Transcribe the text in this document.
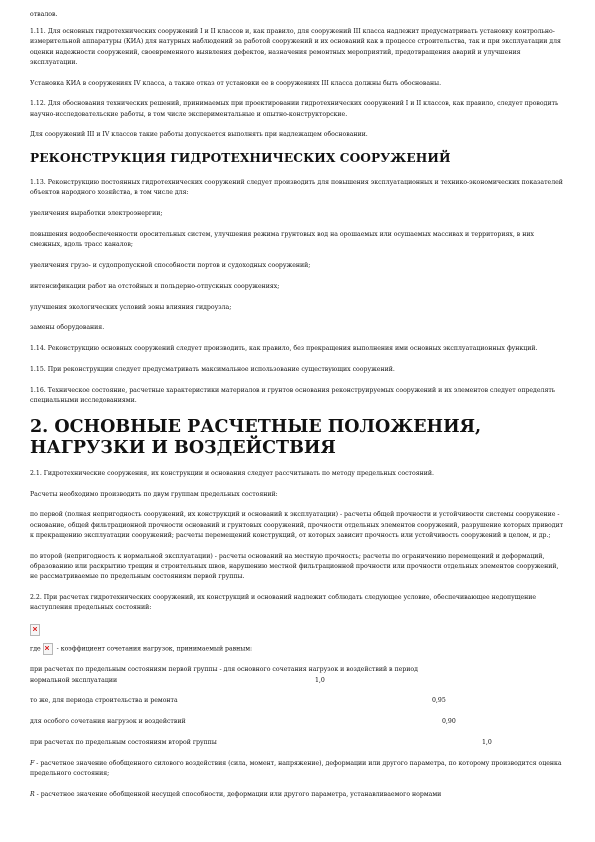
отвалов.

1.11. Для основных гидротехнических сооружений I и II классов и, как правило, для сооружений III класса надлежит предусматривать установку контрольно-измерительной аппаратуры (КИА) для натурных наблюдений за работой сооружений и их оснований как в процессе строительства, так и при эксплуатации для оценки надежности сооружений, своевременного выявления дефектов, назначения ремонтных мероприятий, предотвращения аварий и улучшения эксплуатации.

Установка КИА в сооружениях IV класса, а также отказ от установки ее в сооружениях III класса должны быть обоснованы.

1.12. Для обоснования технических решений, принимаемых при проектировании гидротехнических сооружений I и II классов, как правило, следует проводить научно-исследовательские работы, в том числе экспериментальные и опытно-конструкторские.

Для сооружений III и IV классов такие работы допускается выполнять при надлежащем обосновании.

РЕКОНСТРУКЦИЯ ГИДРОТЕХНИЧЕСКИХ СООРУЖЕНИЙ

1.13. Реконструкцию постоянных гидротехнических сооружений следует производить для повышения эксплуатационных и технико-экономических показателей объектов народного хозяйства, в том числе для:

увеличения выработки электроэнергии;

повышения водообеспеченности оросительных систем, улучшения режима грунтовых вод на орошаемых или осушаемых массивах и территориях, в них смежных, вдоль трасс каналов;

увеличения грузо- и судопропускной способности портов и судоходных сооружений;

интенсификации работ на отстойных и польдерно-отпускных сооружениях;

улучшения экологических условий зоны влияния гидроузла;

замены оборудования.

1.14. Реконструкцию основных сооружений следует производить, как правило, без прекращения выполнения ими основных эксплуатационных функций.

1.15. При реконструкции следует предусматривать максимальное использование существующих сооружений.

1.16. Техническое состояние, расчетные характеристики материалов и грунтов основания реконструируемых сооружений и их элементов следует определять специальными исследованиями.

2. ОСНОВНЫЕ РАСЧЕТНЫЕ ПОЛОЖЕНИЯ, НАГРУЗКИ И ВОЗДЕЙСТВИЯ

2.1. Гидротехнические сооружения, их конструкции и основания следует рассчитывать по методу предельных состояний.

Расчеты необходимо производить по двум группам предельных состояний:

по первой (полная непригодность сооружений, их конструкций и оснований к эксплуатации) - расчеты общей прочности и устойчивости системы сооружение - основание, общей фильтрационной прочности оснований и грунтовых сооружений, прочности отдельных элементов сооружений, разрушение которых приводит к прекращению эксплуатации сооружений; расчеты перемещений конструкций, от которых зависит прочность или устойчивость сооружений в целом, и др.;

по второй (непригодность к нормальной эксплуатации) - расчеты оснований на местную прочность; расчеты по ограничению перемещений и деформаций, образованию или раскрытию трещин и строительных швов, нарушению местной фильтрационной прочности или прочности отдельных элементов сооружений, не рассматриваемые по предельным состояниям первой группы.

2.2. При расчетах гидротехнических сооружений, их конструкций и оснований надлежит соблюдать следующее условие, обеспечивающее недопущение наступления предельных состояний:

где	- коэффициент сочетания нагрузок, принимаемый равным:

при расчетах по предельным состояниям первой группы - для основного сочетания нагрузок и воздействий в период нормальной эксплуатации	1,0
то же, для периода строительства и ремонта	0,95
для особого сочетания нагрузок и воздействий	0,90
при расчетах по предельным состояниям второй группы	1,0

F - расчетное значение обобщенного силового воздействия (сила, момент, напряжение), деформации или другого параметра, по которому производится оценка предельного состояния;

R - расчетное значение обобщенной несущей способности, деформации или другого параметра, устанавливаемого нормами
